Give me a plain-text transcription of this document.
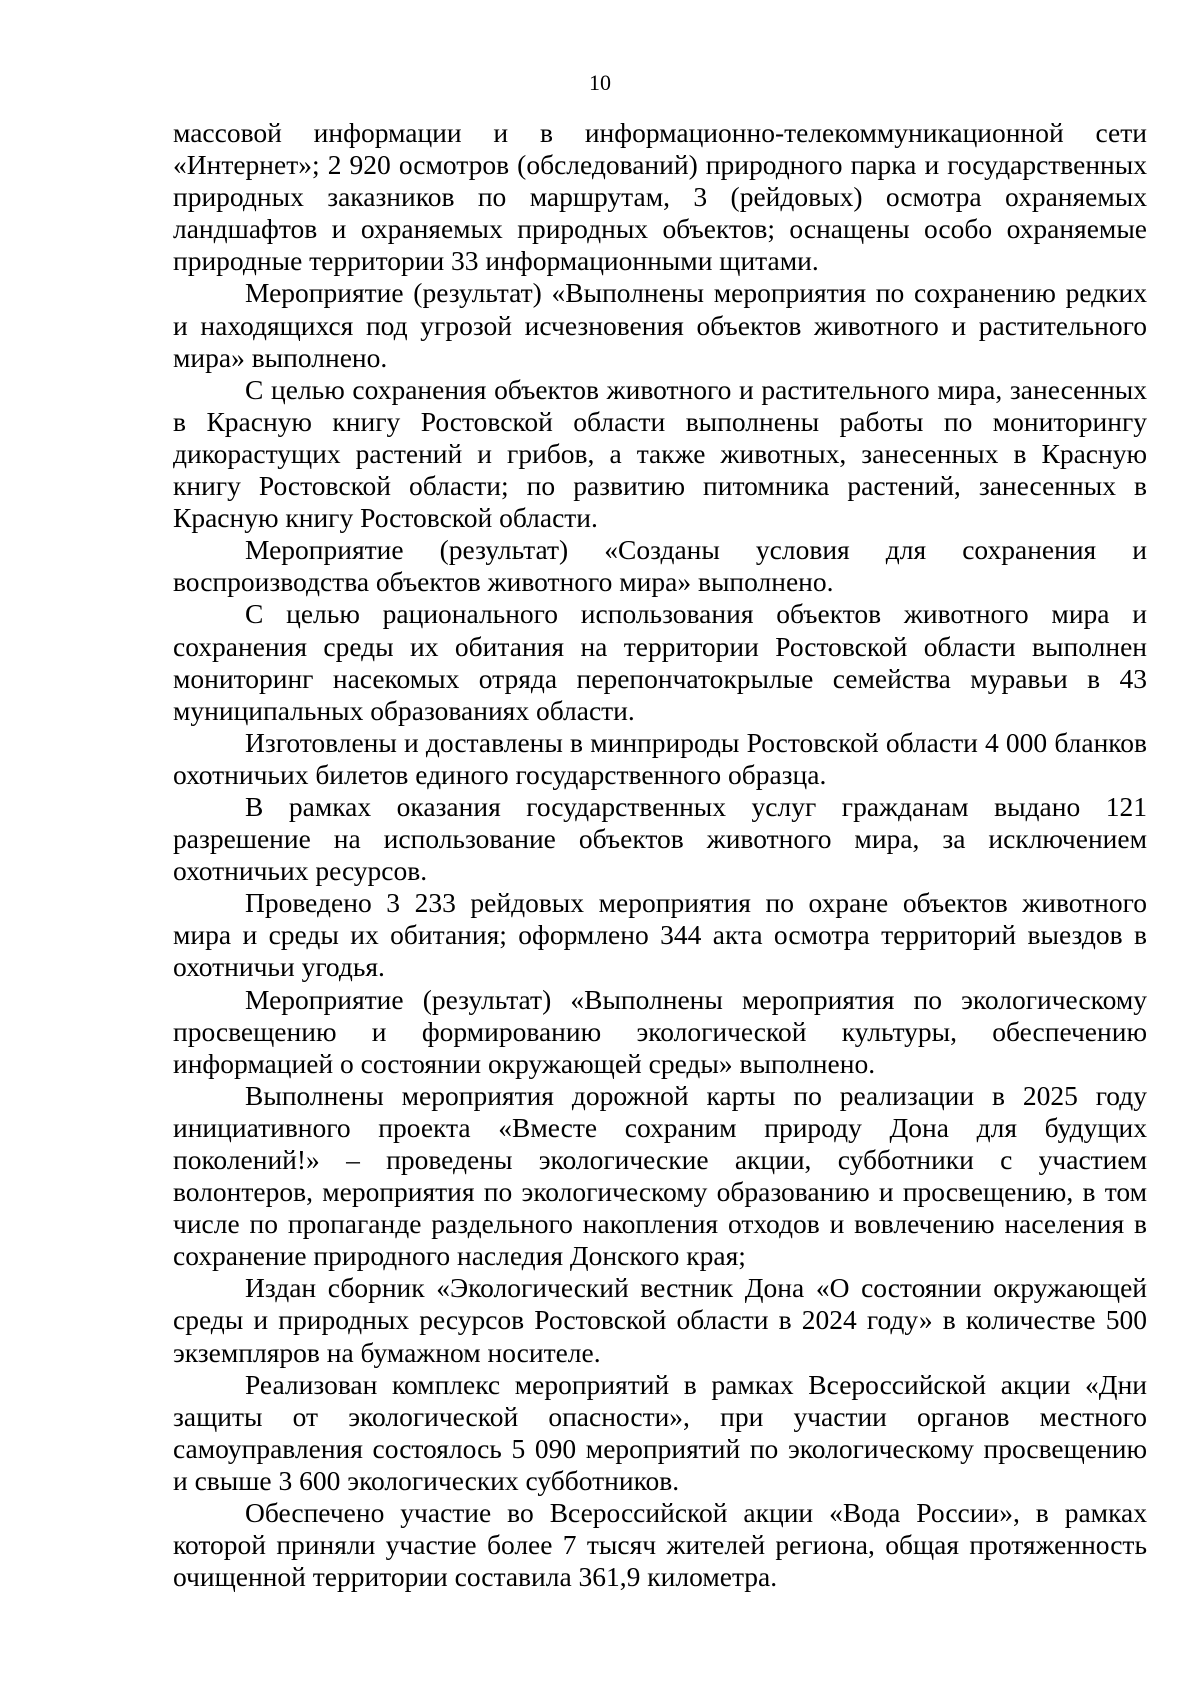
10

массовой информации и в информационно-телекоммуникационной сети «Интернет»; 2 920 осмотров (обследований) природного парка и государственных природных заказников по маршрутам, 3 (рейдовых) осмотра охраняемых ландшафтов и охраняемых природных объектов; оснащены особо охраняемые природные территории 33 информационными щитами.

Мероприятие (результат) «Выполнены мероприятия по сохранению редких и находящихся под угрозой исчезновения объектов животного и растительного мира» выполнено.

С целью сохранения объектов животного и растительного мира, занесенных в Красную книгу Ростовской области выполнены работы по мониторингу дикорастущих растений и грибов, а также животных, занесенных в Красную книгу Ростовской области; по развитию питомника растений, занесенных в Красную книгу Ростовской области.

Мероприятие (результат) «Созданы условия для сохранения и воспроизводства объектов животного мира» выполнено.

С целью рационального использования объектов животного мира и сохранения среды их обитания на территории Ростовской области выполнен мониторинг насекомых отряда перепончатокрылые семейства муравьи в 43 муниципальных образованиях области.

Изготовлены и доставлены в минприроды Ростовской области 4 000 бланков охотничьих билетов единого государственного образца.

В рамках оказания государственных услуг гражданам выдано 121 разрешение на использование объектов животного мира, за исключением охотничьих ресурсов.

Проведено 3 233 рейдовых мероприятия по охране объектов животного мира и среды их обитания; оформлено 344 акта осмотра территорий выездов в охотничьи угодья.

Мероприятие (результат) «Выполнены мероприятия по экологическому просвещению и формированию экологической культуры, обеспечению информацией о состоянии окружающей среды» выполнено.

Выполнены мероприятия дорожной карты по реализации в 2025 году инициативного проекта «Вместе сохраним природу Дона для будущих поколений!» – проведены экологические акции, субботники с участием волонтеров, мероприятия по экологическому образованию и просвещению, в том числе по пропаганде раздельного накопления отходов и вовлечению населения в сохранение природного наследия Донского края;

Издан сборник «Экологический вестник Дона «О состоянии окружающей среды и природных ресурсов Ростовской области в 2024 году» в количестве 500 экземпляров на бумажном носителе.

Реализован комплекс мероприятий в рамках Всероссийской акции «Дни защиты от экологической опасности», при участии органов местного самоуправления состоялось 5 090 мероприятий по экологическому просвещению и свыше 3 600 экологических субботников.

Обеспечено участие во Всероссийской акции «Вода России», в рамках которой приняли участие более 7 тысяч жителей региона, общая протяженность очищенной территории составила 361,9 километра.
